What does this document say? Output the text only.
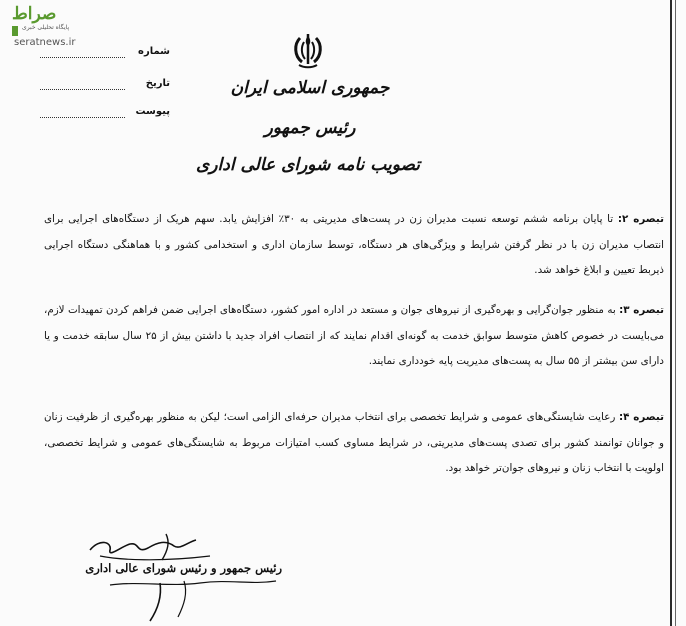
صراط
پایگاه تحلیلی خبری
seratnews.ir
جمهوری اسلامی ایران
رئیس جمهور
تصویب نامه شورای عالی اداری
شماره
تاریخ
پیوست
تبصره ۲: تا پایان برنامه ششم توسعه نسبت مدیران زن در پست‌های مدیریتی به ۳۰٪ افزایش یابد. سهم هریک از دستگاه‌های اجرایی برای انتصاب مدیران زن با در نظر گرفتن شرایط و ویژگی‌های هر دستگاه، توسط سازمان اداری و استخدامی کشور و با هماهنگی دستگاه اجرایی ذیربط تعیین و ابلاغ خواهد شد.
تبصره ۳: به منظور جوان‌گرایی و بهره‌گیری از نیروهای جوان و مستعد در اداره امور کشور، دستگاه‌های اجرایی ضمن فراهم کردن تمهیدات لازم، می‌بایست در خصوص کاهش متوسط سوابق خدمت به گونه‌ای اقدام نمایند که از انتصاب افراد جدید با داشتن بیش از ۲۵ سال سابقه خدمت و یا دارای سن بیشتر از ۵۵ سال به پست‌های مدیریت پایه خودداری نمایند.
تبصره ۴: رعایت شایستگی‌های عمومی و شرایط تخصصی برای انتخاب مدیران حرفه‌ای الزامی است؛ لیکن به منظور بهره‌گیری از ظرفیت زنان و جوانان توانمند کشور برای تصدی پست‌های مدیریتی، در شرایط مساوی کسب امتیازات مربوط به شایستگی‌های عمومی و شرایط تخصصی، اولویت با انتخاب زنان و نیروهای جوان‌تر خواهد بود.
رئیس جمهور و رئیس شورای عالی اداری
